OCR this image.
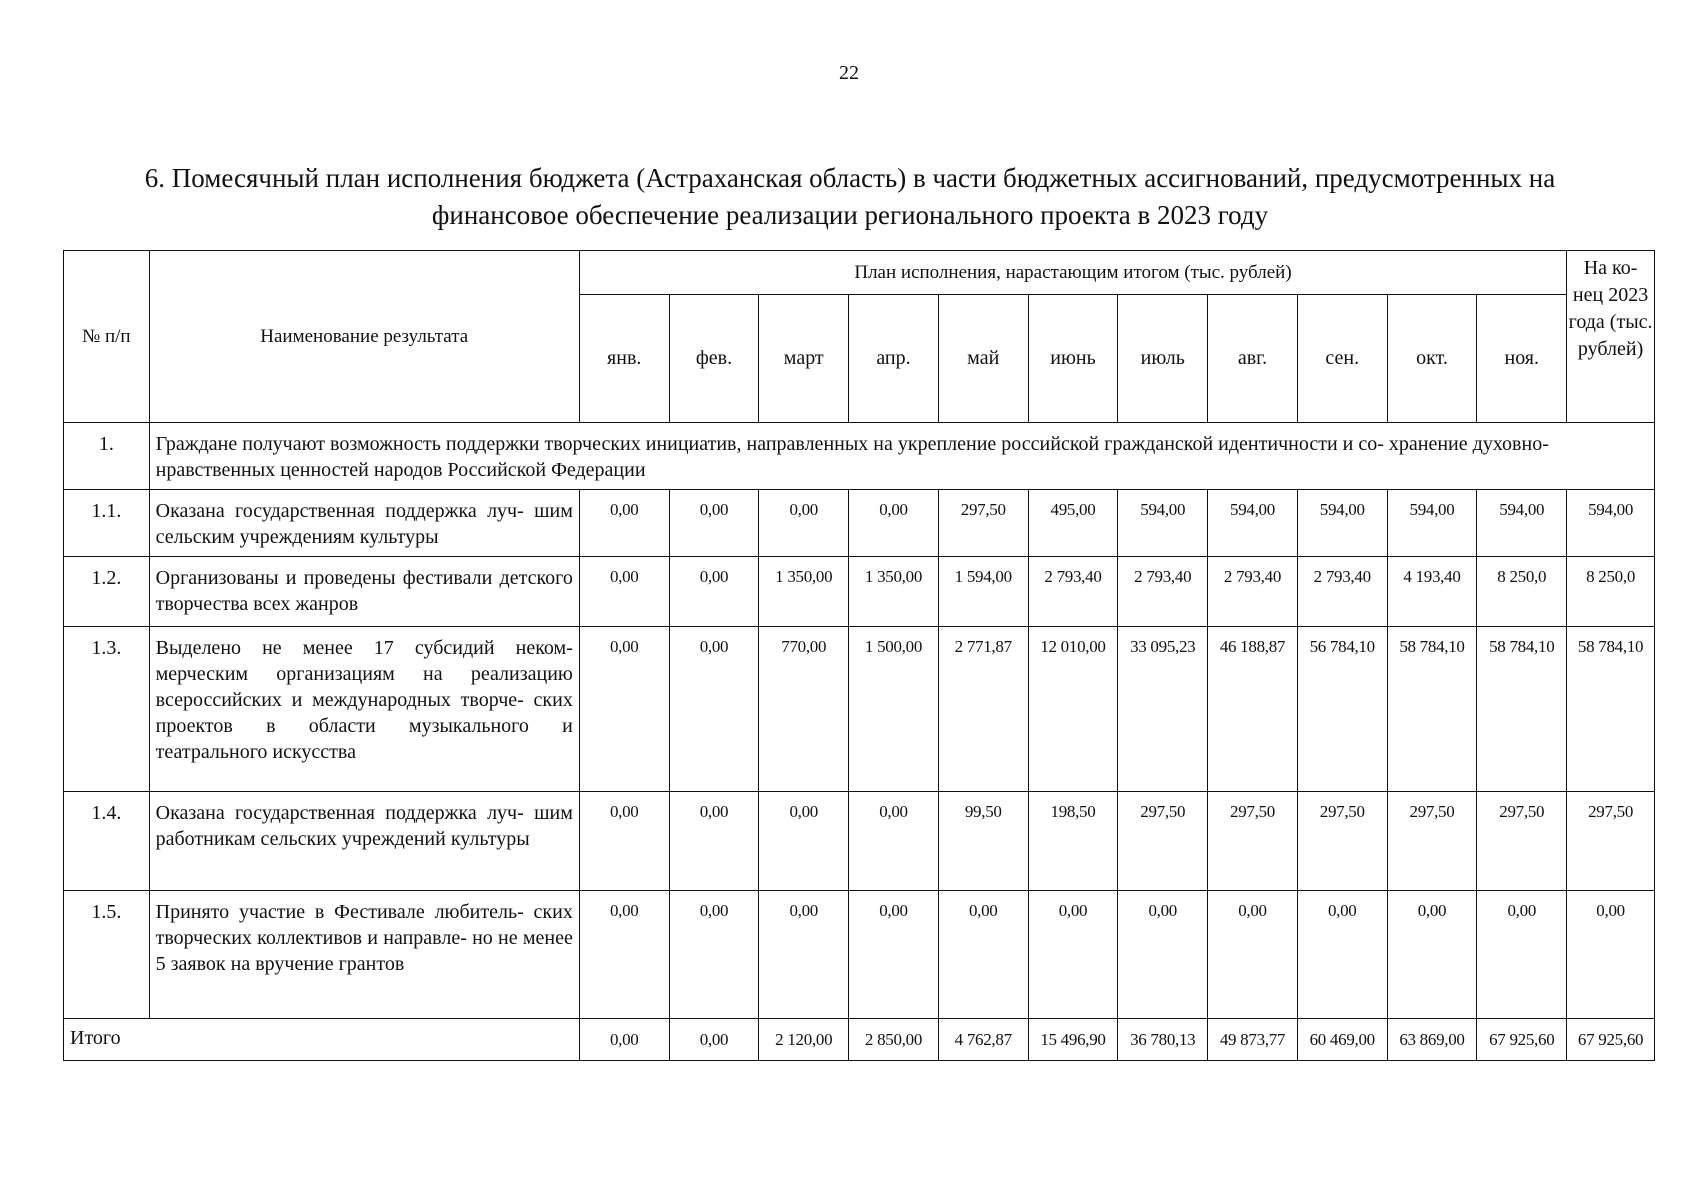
22
6. Помесячный план исполнения бюджета (Астраханская область) в части бюджетных ассигнований, предусмотренных на
финансовое обеспечение реализации регионального проекта в 2023 году
№ п/п	Наименование результата	План исполнения, нарастающим итогом (тыс. рублей)											На ко- нец 2023 года (тыс. рублей)
		янв.	фев.	март	апр.	май	июнь	июль	авг.	сен.	окт.	ноя.	
1.	Граждане получают возможность поддержки творческих инициатив, направленных на укрепление российской гражданской идентичности и со- хранение духовно-нравственных ценностей народов Российской Федерации												
1.1.	Оказана государственная поддержка луч- шим сельским учреждениям культуры	0,00	0,00	0,00	0,00	297,50	495,00	594,00	594,00	594,00	594,00	594,00	594,00
1.2.	Организованы и проведены фестивали детского творчества всех жанров	0,00	0,00	1 350,00	1 350,00	1 594,00	2 793,40	2 793,40	2 793,40	2 793,40	4 193,40	8 250,0	8 250,0
1.3.	Выделено не менее 17 субсидий неком- мерческим организациям на реализацию всероссийских и международных творче- ских проектов в области музыкального и театрального искусства	0,00	0,00	770,00	1 500,00	2 771,87	12 010,00	33 095,23	46 188,87	56 784,10	58 784,10	58 784,10	58 784,10
1.4.	Оказана государственная поддержка луч- шим работникам сельских учреждений культуры	0,00	0,00	0,00	0,00	99,50	198,50	297,50	297,50	297,50	297,50	297,50	297,50
1.5.	Принято участие в Фестивале любитель- ских творческих коллективов и направле- но не менее 5 заявок на вручение грантов	0,00	0,00	0,00	0,00	0,00	0,00	0,00	0,00	0,00	0,00	0,00	0,00
Итого		0,00	0,00	2 120,00	2 850,00	4 762,87	15 496,90	36 780,13	49 873,77	60 469,00	63 869,00	67 925,60	67 925,60
